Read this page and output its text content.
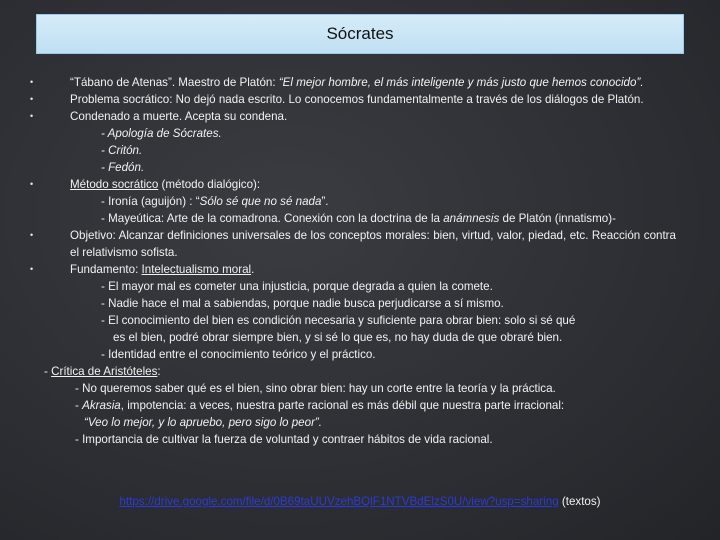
Sócrates
•	“Tábano de Atenas”. Maestro de Platón: “El mejor hombre, el más inteligente y más justo que hemos conocido”.
•	Problema socrático: No dejó nada escrito. Lo conocemos fundamentalmente a través de los diálogos de Platón.
•	Condenado a muerte. Acepta su condena.
- Apología de Sócrates.
- Critón.
- Fedón.
•	Método socrático (método dialógico):
- Ironía (aguijón) : “Sólo sé que no sé nada”.
- Mayeútica: Arte de la comadrona. Conexión con la doctrina de la anámnesis de Platón (innatismo)-
•	Objetivo: Alcanzar definiciones universales de los conceptos morales: bien, virtud, valor, piedad, etc. Reacción contra el relativismo sofista.
•	Fundamento: Intelectualismo moral.
- El mayor mal es cometer una injusticia, porque degrada a quien la comete.
- Nadie hace el mal a sabiendas, porque nadie busca perjudicarse a sí mismo.
- El conocimiento del bien es condición necesaria y suficiente para obrar bien: solo si sé qué
es el bien, podré obrar siempre bien, y si sé lo que es, no hay duda de que obraré bien.
- Identidad entre el conocimiento teórico y el práctico.
- Crítica de Aristóteles:
- No queremos saber qué es el bien, sino obrar bien: hay un corte entre la teoría y la práctica.
- Akrasia, impotencia: a veces, nuestra parte racional es más débil que nuestra parte irracional:
“Veo lo mejor, y lo apruebo, pero sigo lo peor”.
- Importancia de cultivar la fuerza de voluntad y contraer hábitos de vida racional.
https://drive.google.com/file/d/0B69taUUVzehBQlF1NTVBdElzS0U/view?usp=sharing (textos)
